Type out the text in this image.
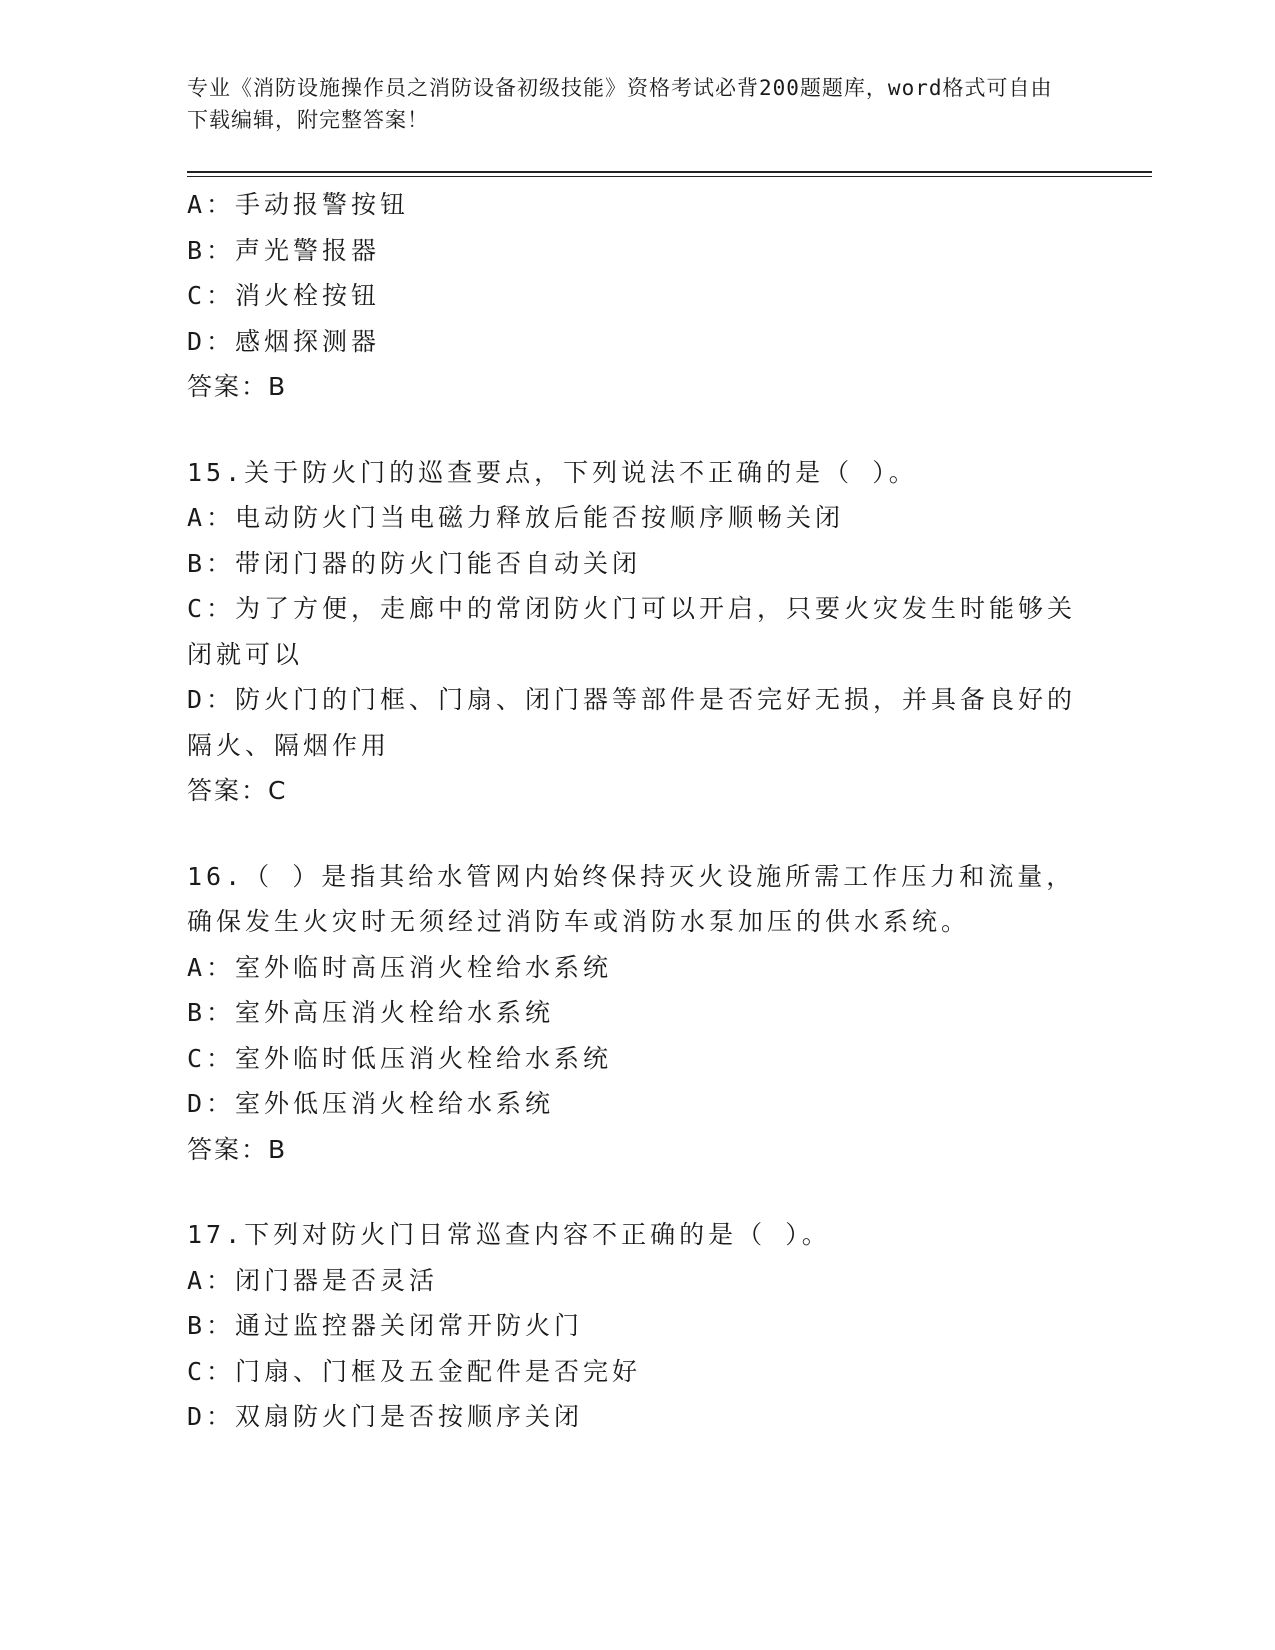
专业《消防设施操作员之消防设备初级技能》资格考试必背200题题库，word格式可自由下载编辑，附完整答案！

A：手动报警按钮
B：声光警报器
C：消火栓按钮
D：感烟探测器
答案：B
15.关于防火门的巡查要点，下列说法不正确的是（ ）。
A：电动防火门当电磁力释放后能否按顺序顺畅关闭
B：带闭门器的防火门能否自动关闭
C：为了方便，走廊中的常闭防火门可以开启，只要火灾发生时能够关闭就可以
D：防火门的门框、门扇、闭门器等部件是否完好无损，并具备良好的隔火、隔烟作用
答案：C
16.（ ）是指其给水管网内始终保持灭火设施所需工作压力和流量，确保发生火灾时无须经过消防车或消防水泵加压的供水系统。
A：室外临时高压消火栓给水系统
B：室外高压消火栓给水系统
C：室外临时低压消火栓给水系统
D：室外低压消火栓给水系统
答案：B
17.下列对防火门日常巡查内容不正确的是（ ）。
A：闭门器是否灵活
B：通过监控器关闭常开防火门
C：门扇、门框及五金配件是否完好
D：双扇防火门是否按顺序关闭
